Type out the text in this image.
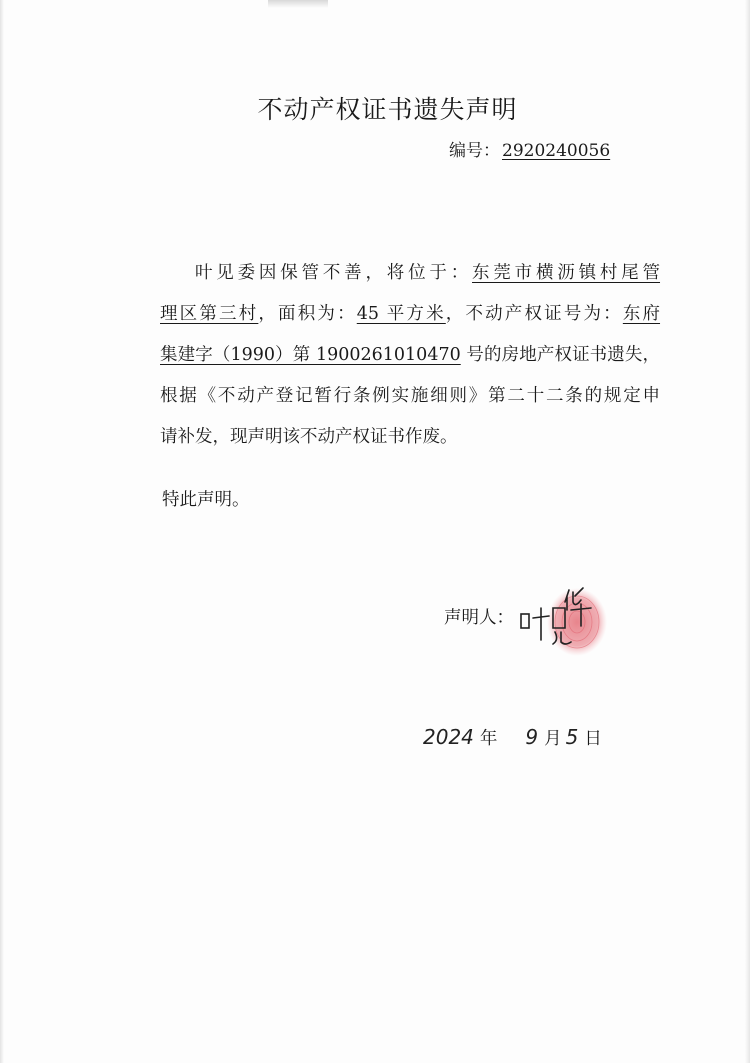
不动产权证书遗失声明
编号： 2920240056
叶见委因保管不善，将位于：东莞市横沥镇村尾管
理区第三村，面积为：45 平方米，不动产权证号为：东府
集建字（1990）第 1900261010470 号的房地产权证书遗失，
根据《不动产登记暂行条例实施细则》第二十二条的规定申
请补发，现声明该不动产权证书作废。
特此声明。
声明人：
2024 年 9 月 5 日
